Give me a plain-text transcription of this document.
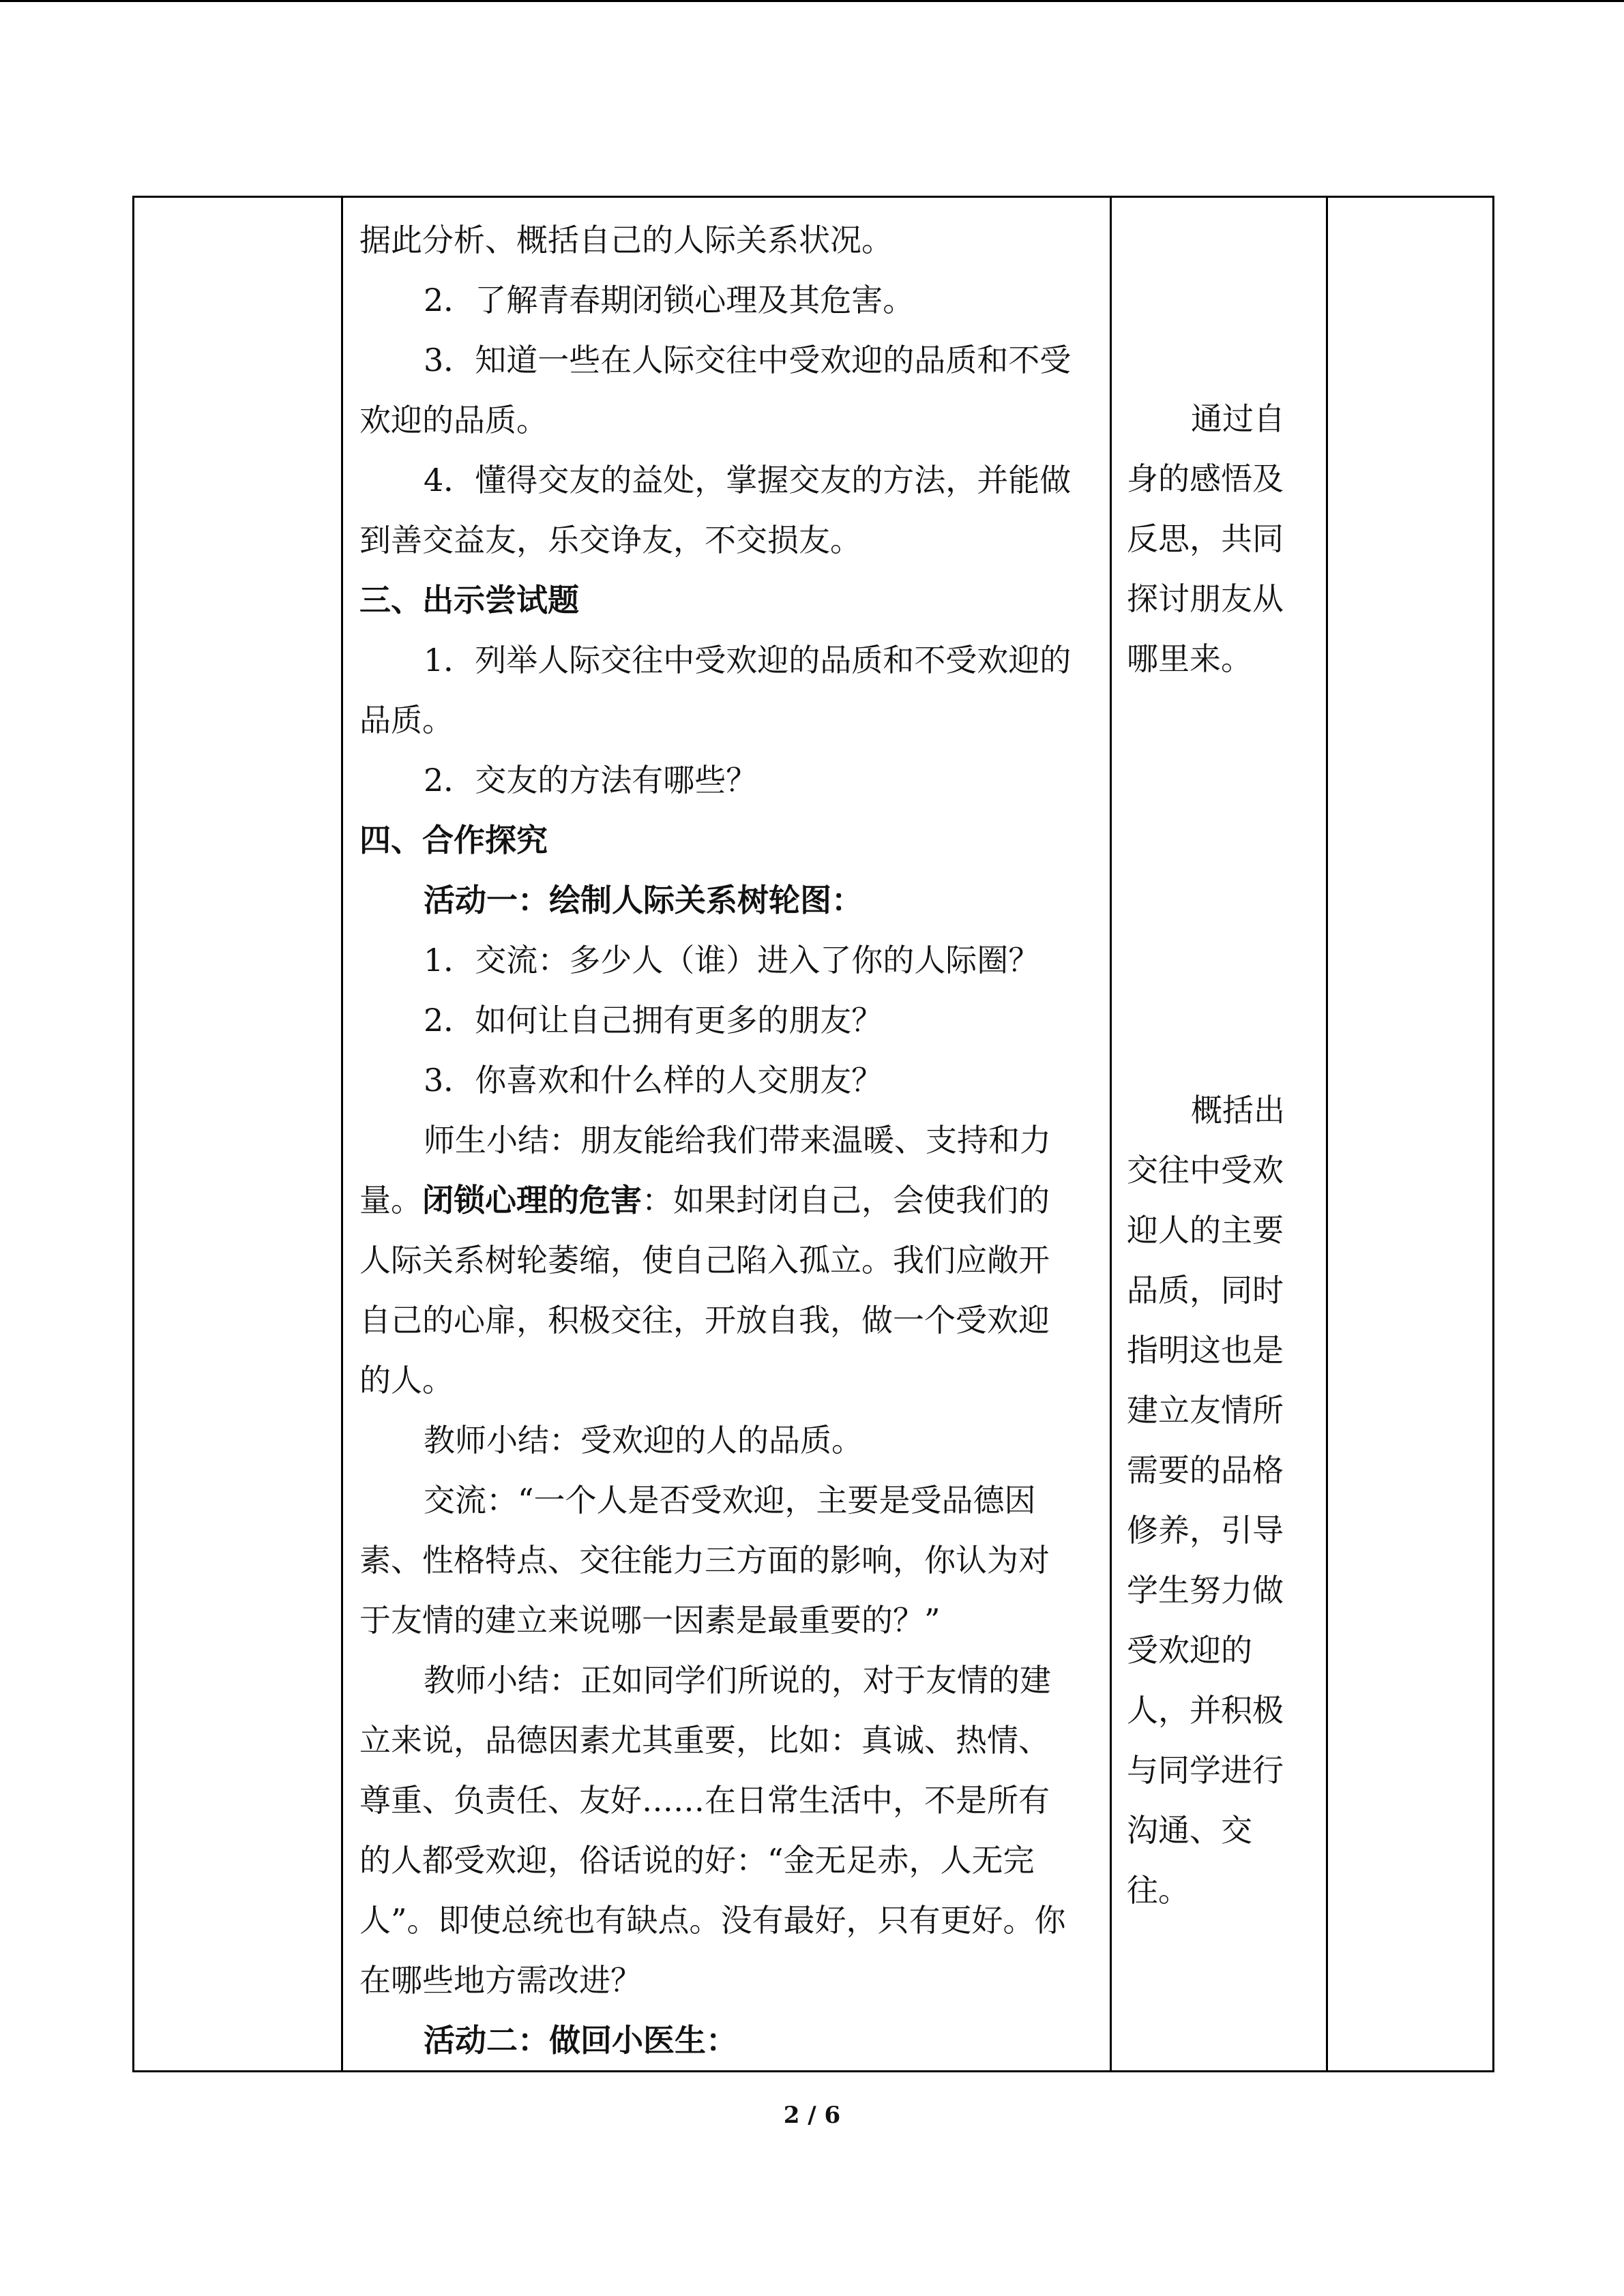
据此分析、概括自己的人际关系状况。
2．了解青春期闭锁心理及其危害。
3．知道一些在人际交往中受欢迎的品质和不受
欢迎的品质。
4．懂得交友的益处，掌握交友的方法，并能做
到善交益友，乐交诤友，不交损友。
三、出示尝试题
1．列举人际交往中受欢迎的品质和不受欢迎的
品质。
2．交友的方法有哪些？
四、合作探究
活动一：绘制人际关系树轮图：
1．交流：多少人（谁）进入了你的人际圈？
2．如何让自己拥有更多的朋友？
3．你喜欢和什么样的人交朋友？
师生小结：朋友能给我们带来温暖、支持和力
量。闭锁心理的危害：如果封闭自己，会使我们的
人际关系树轮萎缩，使自己陷入孤立。我们应敞开
自己的心扉，积极交往，开放自我，做一个受欢迎
的人。
教师小结：受欢迎的人的品质。
交流：“一个人是否受欢迎，主要是受品德因
素、性格特点、交往能力三方面的影响，你认为对
于友情的建立来说哪一因素是最重要的？”
教师小结：正如同学们所说的，对于友情的建
立来说，品德因素尤其重要，比如：真诚、热情、
尊重、负责任、友好……在日常生活中，不是所有
的人都受欢迎，俗话说的好：“金无足赤，人无完
人”。即使总统也有缺点。没有最好，只有更好。你
在哪些地方需改进？
活动二：做回小医生：

通过自
身的感悟及
反思，共同
探讨朋友从
哪里来。
概括出
交往中受欢
迎人的主要
品质，同时
指明这也是
建立友情所
需要的品格
修养，引导
学生努力做
受欢迎的
人，并积极
与同学进行
沟通、交
往。

2 / 6
